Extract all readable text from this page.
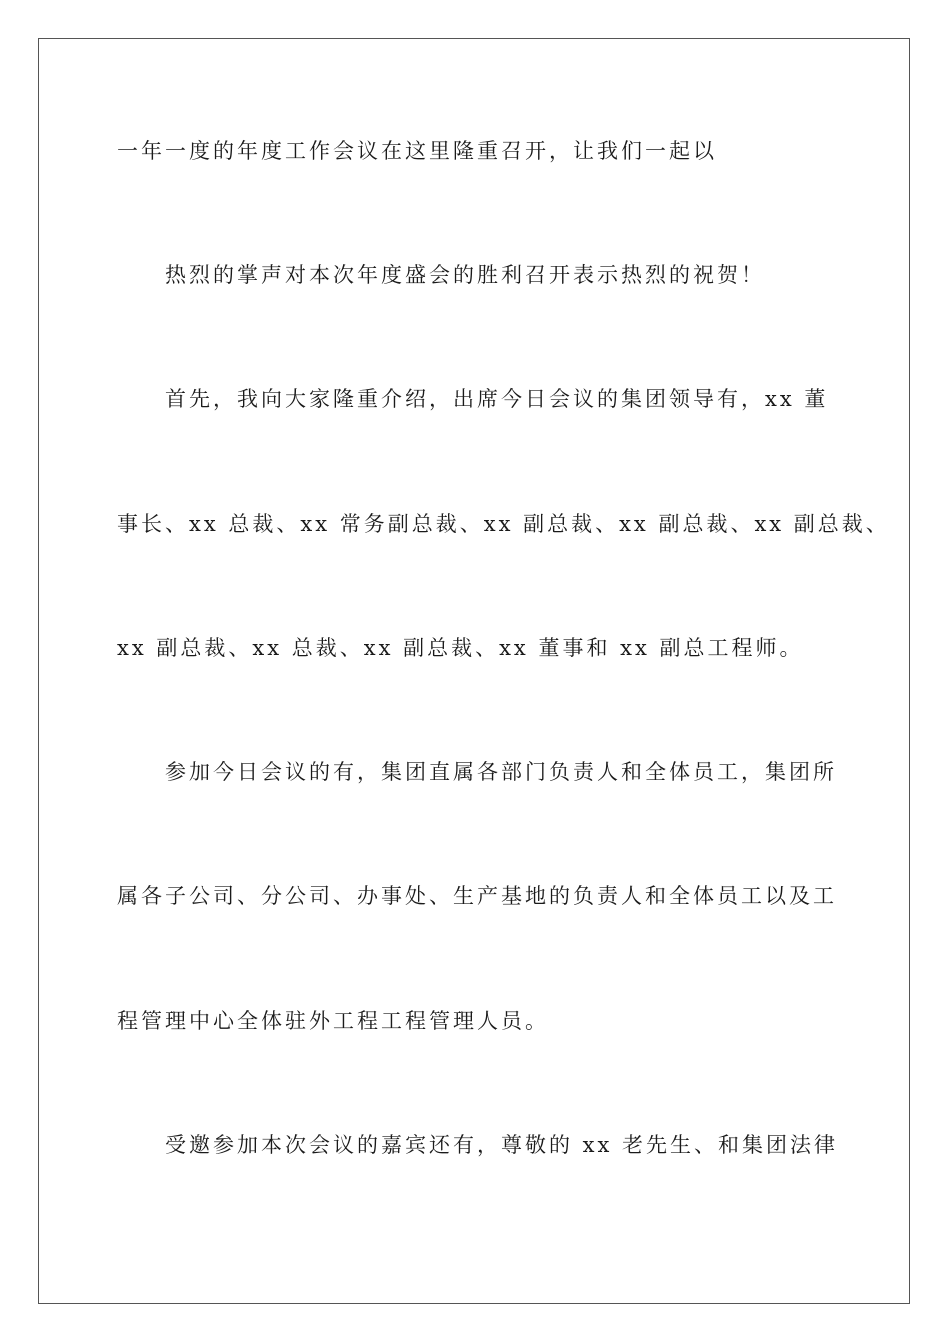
一年一度的年度工作会议在这里隆重召开，让我们一起以
热烈的掌声对本次年度盛会的胜利召开表示热烈的祝贺！
首先，我向大家隆重介绍，出席今日会议的集团领导有，xx 董
事长、xx 总裁、xx 常务副总裁、xx 副总裁、xx 副总裁、xx 副总裁、
xx 副总裁、xx 总裁、xx 副总裁、xx 董事和 xx 副总工程师。
参加今日会议的有，集团直属各部门负责人和全体员工，集团所
属各子公司、分公司、办事处、生产基地的负责人和全体员工以及工
程管理中心全体驻外工程工程管理人员。
受邀参加本次会议的嘉宾还有，尊敬的 xx 老先生、和集团法律
